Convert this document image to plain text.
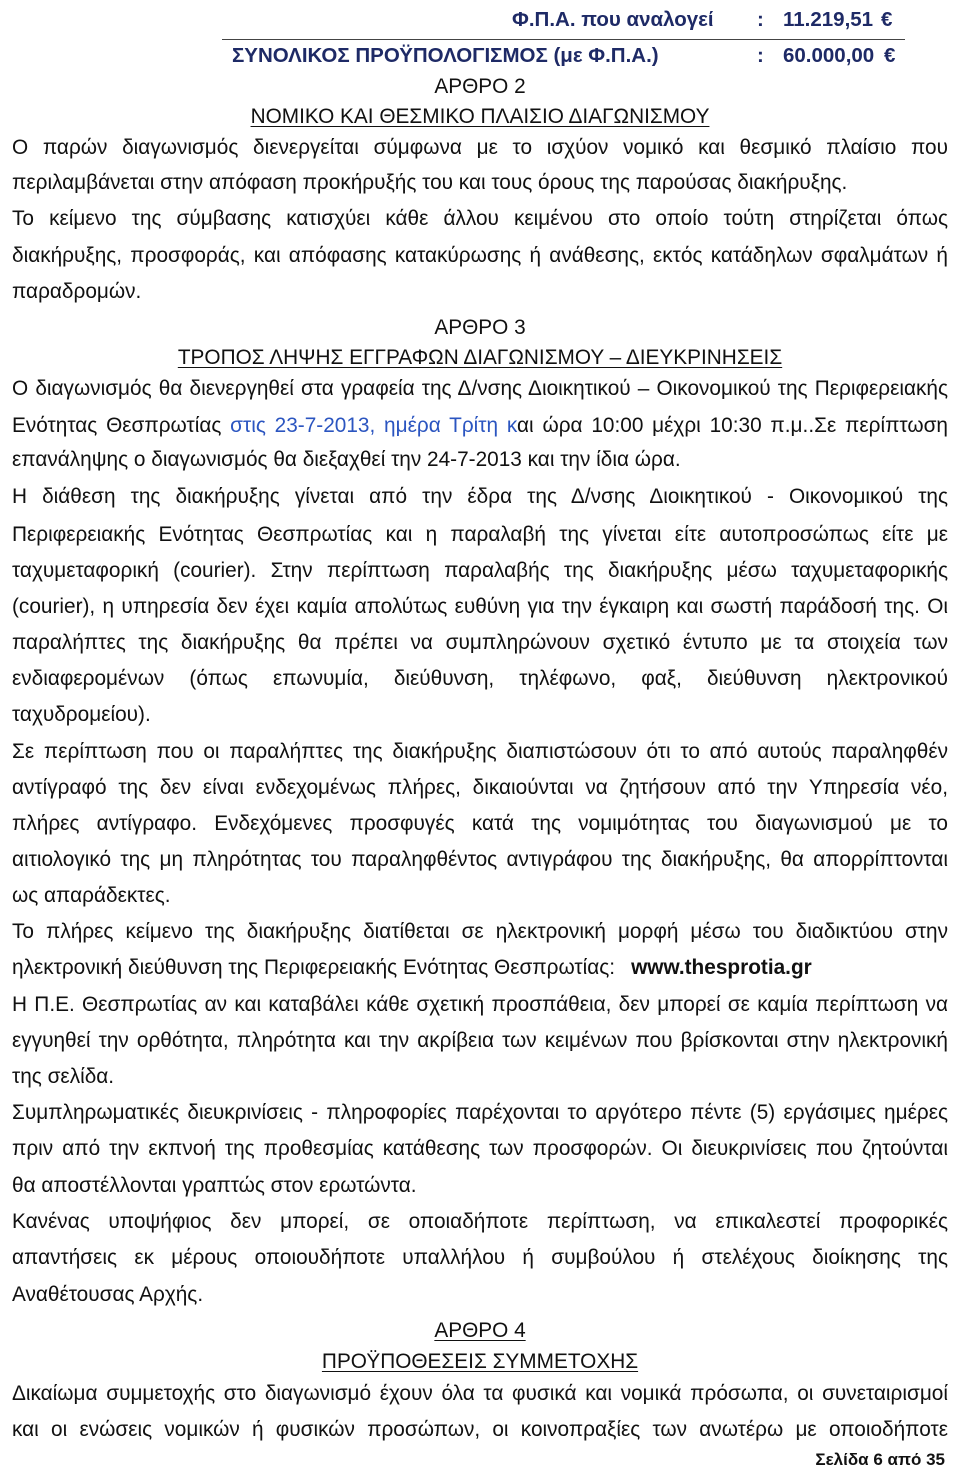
Φ.Π.Α. που αναλογεί : 11.219,51 €
ΣΥΝΟΛΙΚΟΣ ΠΡΟΫΠΟΛΟΓΙΣΜΟΣ (με Φ.Π.Α.)	: 60.000,00 €
ΑΡΘΡΟ 2
ΝΟΜΙΚΟ ΚΑΙ ΘΕΣΜΙΚΟ ΠΛΑΙΣΙΟ ΔΙΑΓΩΝΙΣΜΟΥ
Ο παρών διαγωνισμός διενεργείται σύμφωνα με το ισχύον νομικό και θεσμικό πλαίσιο που
περιλαμβάνεται στην απόφαση προκήρυξής του και τους όρους της παρούσας διακήρυξης.
Το κείμενο της σύμβασης κατισχύει κάθε άλλου κειμένου στο οποίο τούτη στηρίζεται όπως
διακήρυξης, προσφοράς, και απόφασης κατακύρωσης ή ανάθεσης, εκτός κατάδηλων σφαλμάτων ή
παραδρομών.
ΑΡΘΡΟ 3
ΤΡΟΠΟΣ ΛΗΨΗΣ ΕΓΓΡΑΦΩΝ ΔΙΑΓΩΝΙΣΜΟΥ – ΔΙΕΥΚΡΙΝΗΣΕΙΣ
Ο διαγωνισμός θα διενεργηθεί στα γραφεία της Δ/νσης Διοικητικού – Οικονομικού της Περιφερειακής
Ενότητας Θεσπρωτίας στις 23-7-2013, ημέρα Τρίτη και ώρα 10:00 μέχρι 10:30 π.μ..Σε περίπτωση
επανάληψης ο διαγωνισμός θα διεξαχθεί την 24-7-2013 και την ίδια ώρα.
Η διάθεση της διακήρυξης γίνεται από την έδρα της Δ/νσης Διοικητικού - Οικονομικού της
Περιφερειακής Ενότητας Θεσπρωτίας και η παραλαβή της γίνεται είτε αυτοπροσώπως είτε με
ταχυμεταφορική (courier). Στην περίπτωση παραλαβής της διακήρυξης μέσω ταχυμεταφορικής
(courier), η υπηρεσία δεν έχει καμία απολύτως ευθύνη για την έγκαιρη και σωστή παράδοσή της. Οι
παραλήπτες της διακήρυξης θα πρέπει να συμπληρώνουν σχετικό έντυπο με τα στοιχεία των
ενδιαφερομένων (όπως επωνυμία, διεύθυνση, τηλέφωνο, φαξ, διεύθυνση ηλεκτρονικού
ταχυδρομείου).
Σε περίπτωση που οι παραλήπτες της διακήρυξης διαπιστώσουν ότι το από αυτούς παραληφθέν
αντίγραφό της δεν είναι ενδεχομένως πλήρες, δικαιούνται να ζητήσουν από την Υπηρεσία νέο,
πλήρες αντίγραφο. Ενδεχόμενες προσφυγές κατά της νομιμότητας του διαγωνισμού με το
αιτιολογικό της μη πληρότητας του παραληφθέντος αντιγράφου της διακήρυξης, θα απορρίπτονται
ως απαράδεκτες.
Το πλήρες κείμενο της διακήρυξης διατίθεται σε ηλεκτρονική μορφή μέσω του διαδικτύου στην
ηλεκτρονική διεύθυνση της Περιφερειακής Ενότητας Θεσπρωτίας: www.thesprotia.gr
Η Π.Ε. Θεσπρωτίας αν και καταβάλει κάθε σχετική προσπάθεια, δεν μπορεί σε καμία περίπτωση να
εγγυηθεί την ορθότητα, πληρότητα και την ακρίβεια των κειμένων που βρίσκονται στην ηλεκτρονική
της σελίδα.
Συμπληρωματικές διευκρινίσεις - πληροφορίες παρέχονται το αργότερο πέντε (5) εργάσιμες ημέρες
πριν από την εκπνοή της προθεσμίας κατάθεσης των προσφορών. Οι διευκρινίσεις που ζητούνται
θα αποστέλλονται γραπτώς στον ερωτώντα.
Κανένας υποψήφιος δεν μπορεί, σε οποιαδήποτε περίπτωση, να επικαλεστεί προφορικές
απαντήσεις εκ μέρους οποιουδήποτε υπαλλήλου ή συμβούλου ή στελέχους διοίκησης της
Αναθέτουσας Αρχής.
ΑΡΘΡΟ 4
ΠΡΟΫΠΟΘΕΣΕΙΣ ΣΥΜΜΕΤΟΧΗΣ
Δικαίωμα συμμετοχής στο διαγωνισμό έχουν όλα τα φυσικά και νομικά πρόσωπα, οι συνεταιρισμοί
και οι ενώσεις νομικών ή φυσικών προσώπων, οι κοινοπραξίες των ανωτέρω με οποιοδήποτε
Σελίδα 6 από 35
